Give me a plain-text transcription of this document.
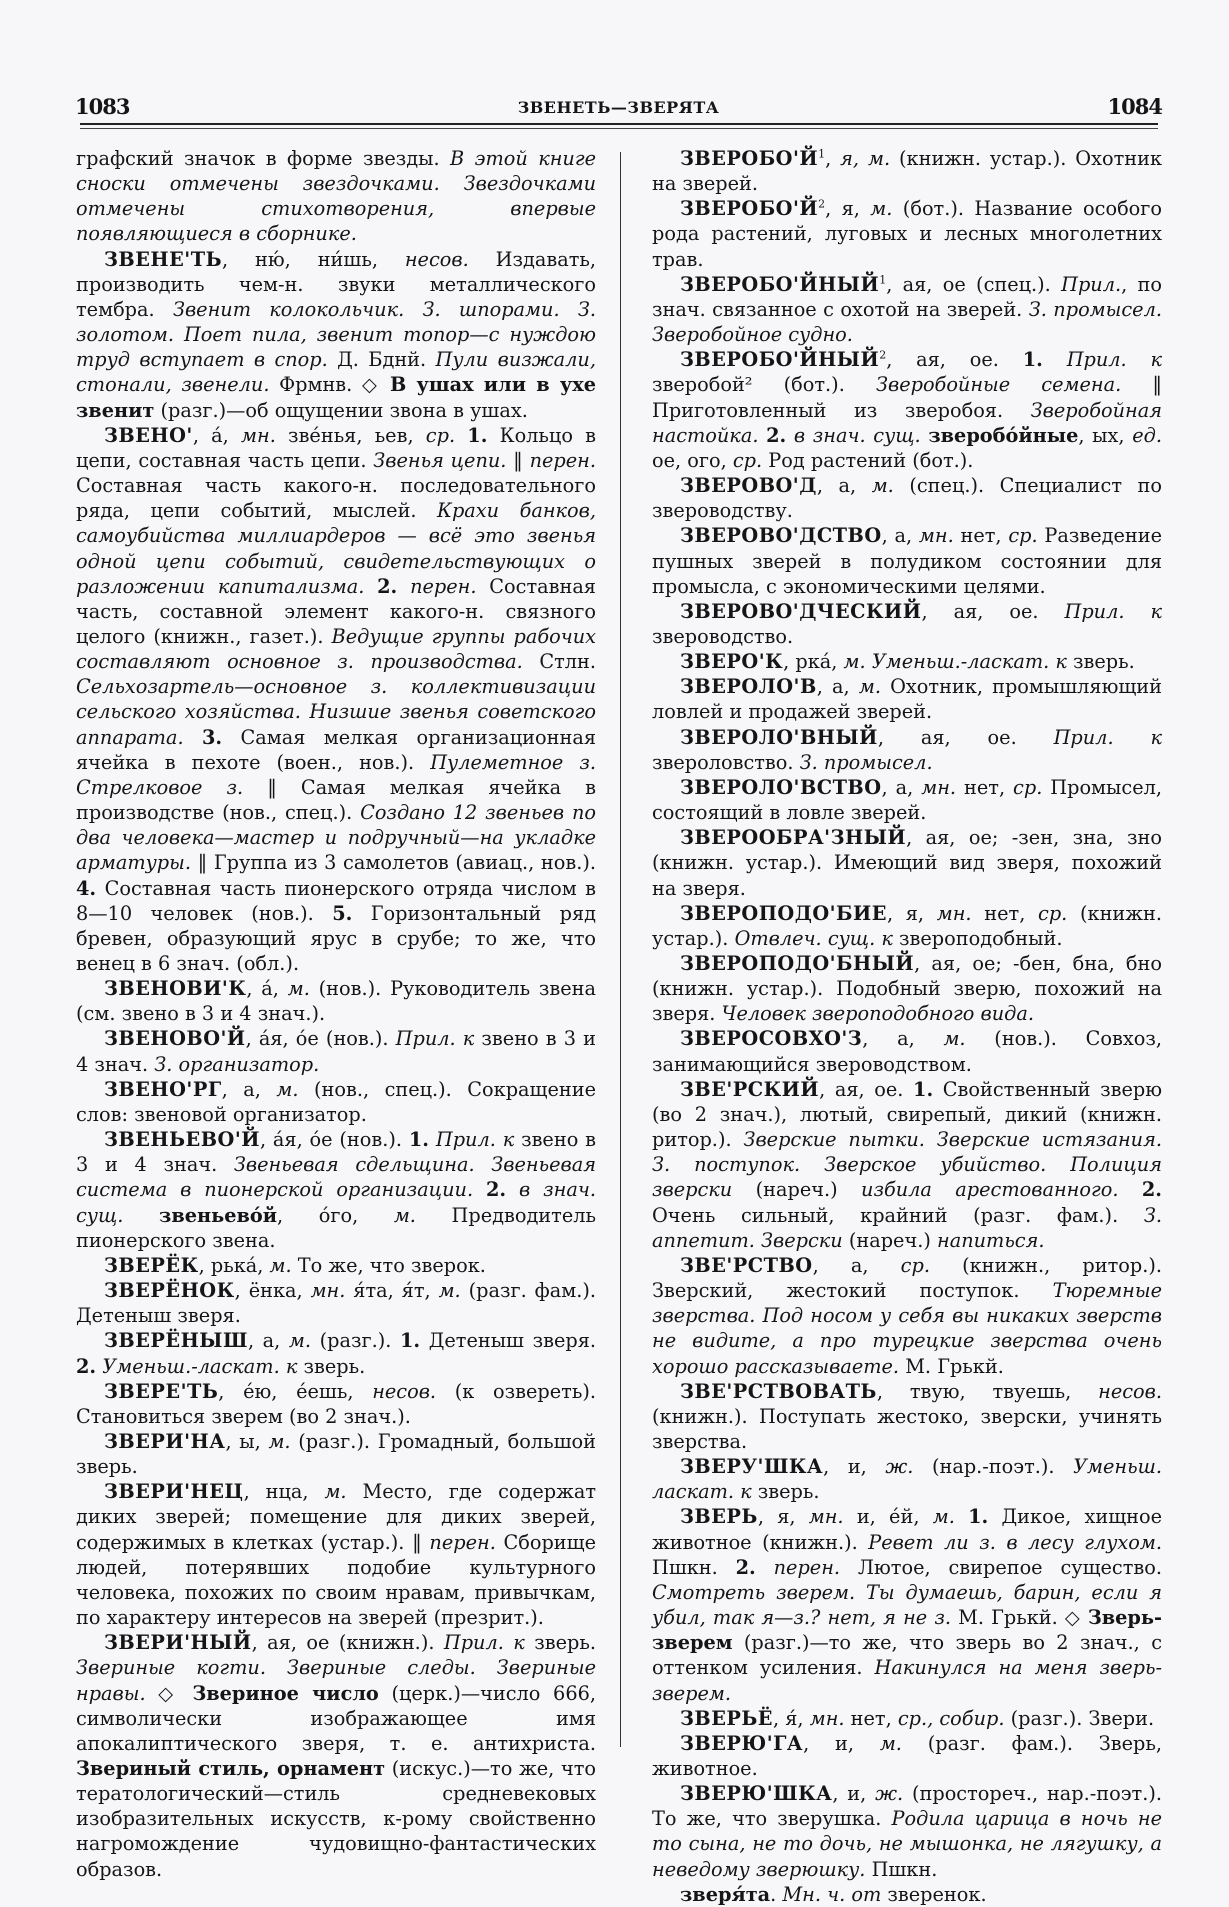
1083	ЗВЕНЕТЬ—ЗВЕРЯТА	1084

графский значок в форме звезды. В этой книге сноски отмечены звездочками. Звездочками отмечены стихотворения, впервые появляющиеся в сборнике.

ЗВЕНЕ'ТЬ, ню́, ни́шь, несов. Издавать, производить чем-н. звуки металлического тембра. Звенит колокольчик. З. шпорами. З. золотом. Поет пила, звенит топор—с нуждою труд вступает в спор. Д. Бднй. Пули визжали, стонали, звенели. Фрмнв. ◇ В ушах или в ухе звенит (разг.)—об ощущении звона в ушах.

ЗВЕНО', а́, мн. зве́нья, ьев, ср. 1. Кольцо в цепи, составная часть цепи. Звенья цепи. ‖ перен. Составная часть какого-н. последовательного ряда, цепи событий, мыслей. Крахи банков, самоубийства миллиардеров — всё это звенья одной цепи событий, свидетельствующих о разложении капитализма. 2. перен. Составная часть, составной элемент какого-н. связного целого (книжн., газет.). Ведущие группы рабочих составляют основное з. производства. Стлн. Сельхозартель—основное з. коллективизации сельского хозяйства. Низшие звенья советского аппарата. 3. Самая мелкая организационная ячейка в пехоте (воен., нов.). Пулеметное з. Стрелковое з. ‖ Самая мелкая ячейка в производстве (нов., спец.). Создано 12 звеньев по два человека—мастер и подручный—на укладке арматуры. ‖ Группа из 3 самолетов (авиац., нов.). 4. Составная часть пионерского отряда числом в 8—10 человек (нов.). 5. Горизонтальный ряд бревен, образующий ярус в срубе; то же, что венец в 6 знач. (обл.).

ЗВЕНОВИ'К, а́, м. (нов.). Руководитель звена (см. звено в 3 и 4 знач.).

ЗВЕНОВО'Й, а́я, о́е (нов.). Прил. к звено в 3 и 4 знач. З. организатор.

ЗВЕНО'РГ, а, м. (нов., спец.). Сокращение слов: звеновой организатор.

ЗВЕНЬЕВО'Й, а́я, о́е (нов.). 1. Прил. к звено в 3 и 4 знач. Звеньевая сдельщина. Звеньевая система в пионерской организации. 2. в знач. сущ. звеньево́й, о́го, м. Предводитель пионерского звена.

ЗВЕРЁК, рька́, м. То же, что зверок.

ЗВЕРЁНОК, ёнка, мн. я́та, я́т, м. (разг. фам.). Детеныш зверя.

ЗВЕРЁНЫШ, а, м. (разг.). 1. Детеныш зверя. 2. Уменьш.-ласкат. к зверь.

ЗВЕРЕ'ТЬ, е́ю, е́ешь, несов. (к озвереть). Становиться зверем (во 2 знач.).

ЗВЕРИ'НА, ы, м. (разг.). Громадный, большой зверь.

ЗВЕРИ'НЕЦ, нца, м. Место, где содержат диких зверей; помещение для диких зверей, содержимых в клетках (устар.). ‖ перен. Сборище людей, потерявших подобие культурного человека, похожих по своим нравам, привычкам, по характеру интересов на зверей (презрит.).

ЗВЕРИ'НЫЙ, ая, ое (книжн.). Прил. к зверь. Звериные когти. Звериные следы. Звериные нравы. ◇ Звериное число (церк.)—число 666, символически изображающее имя апокалиптического зверя, т. е. антихриста. Звериный стиль, орнамент (искус.)—то же, что тератологический—стиль средневековых изобразительных искусств, к-рому свойственно нагромождение чудовищно-фантастических образов.

$ЗВЕРОБО'Й^1$, я, м. (книжн. устар.). Охотник на зверей.

$ЗВЕРОБО'Й^2$, я, м. (бот.). Название особого рода растений, луговых и лесных многолетних трав.

ЗВЕРОБО'ЙНЫЙ$^1$, ая, ое (спец.). Прил., по знач. связанное с охотой на зверей. З. промысел. Зверобойное судно.

ЗВЕРОБО'ЙНЫЙ$^2$, ая, ое. 1. Прил. к зверобой² (бот.). Зверобойные семена. ‖ Приготовленный из зверобоя. Зверобойная настойка. 2. в знач. сущ. зверобо́йные, ых, ед. ое, ого, ср. Род растений (бот.).

ЗВЕРОВО'Д, а, м. (спец.). Специалист по звероводству.

ЗВЕРОВО'ДСТВО, а, мн. нет, ср. Разведение пушных зверей в полудиком состоянии для промысла, с экономическими целями.

ЗВЕРОВО'ДЧЕСКИЙ, ая, ое. Прил. к звероводство.

ЗВЕРО'К, рка́, м. Уменьш.-ласкат. к зверь.

ЗВЕРОЛО'В, а, м. Охотник, промышляющий ловлей и продажей зверей.

ЗВЕРОЛО'ВНЫЙ, ая, ое. Прил. к звероловство. З. промысел.

ЗВЕРОЛО'ВСТВО, а, мн. нет, ср. Промысел, состоящий в ловле зверей.

ЗВЕРООБРА'ЗНЫЙ, ая, ое; -зен, зна, зно (книжн. устар.). Имеющий вид зверя, похожий на зверя.

ЗВЕРОПОДО'БИЕ, я, мн. нет, ср. (книжн. устар.). Отвлеч. сущ. к звероподобный.

ЗВЕРОПОДО'БНЫЙ, ая, ое; -бен, бна, бно (книжн. устар.). Подобный зверю, похожий на зверя. Человек звероподобного вида.

ЗВЕРОСОВХО'З, а, м. (нов.). Совхоз, занимающийся звероводством.

ЗВЕ'РСКИЙ, ая, ое. 1. Свойственный зверю (во 2 знач.), лютый, свирепый, дикий (книжн. ритор.). Зверские пытки. Зверские истязания. З. поступок. Зверское убийство. Полиция зверски (нареч.) избила арестованного. 2. Очень сильный, крайний (разг. фам.). З. аппетит. Зверски (нареч.) напиться.

ЗВЕ'РСТВО, а, ср. (книжн., ритор.). Зверский, жестокий поступок. Тюремные зверства. Под носом у себя вы никаких зверств не видите, а про турецкие зверства очень хорошо рассказываете. М. Грькй.

ЗВЕ'РСТВОВАТЬ, твую, твуешь, несов. (книжн.). Поступать жестоко, зверски, учинять зверства.

ЗВЕРУ'ШКА, и, ж. (нар.-поэт.). Уменьш. ласкат. к зверь.

ЗВЕРЬ, я, мн. и, е́й, м. 1. Дикое, хищное животное (книжн.). Ревет ли з. в лесу глухом. Пшкн. 2. перен. Лютое, свирепое существо. Смотреть зверем. Ты думаешь, барин, если я убил, так я—з.? нет, я не з. М. Грькй. ◇ Зверь-зверем (разг.)—то же, что зверь во 2 знач., с оттенком усиления. Накинулся на меня зверь-зверем.

ЗВЕРЬЁ, я́, мн. нет, ср., собир. (разг.). Звери.

ЗВЕРЮ'ГА, и, м. (разг. фам.). Зверь, животное.

ЗВЕРЮ'ШКА, и, ж. (простореч., нар.-поэт.). То же, что зверушка. Родила царица в ночь не то сына, не то дочь, не мышонка, не лягушку, а неведому зверюшку. Пшкн.

звеpя́та. Мн. ч. от зверенок.
